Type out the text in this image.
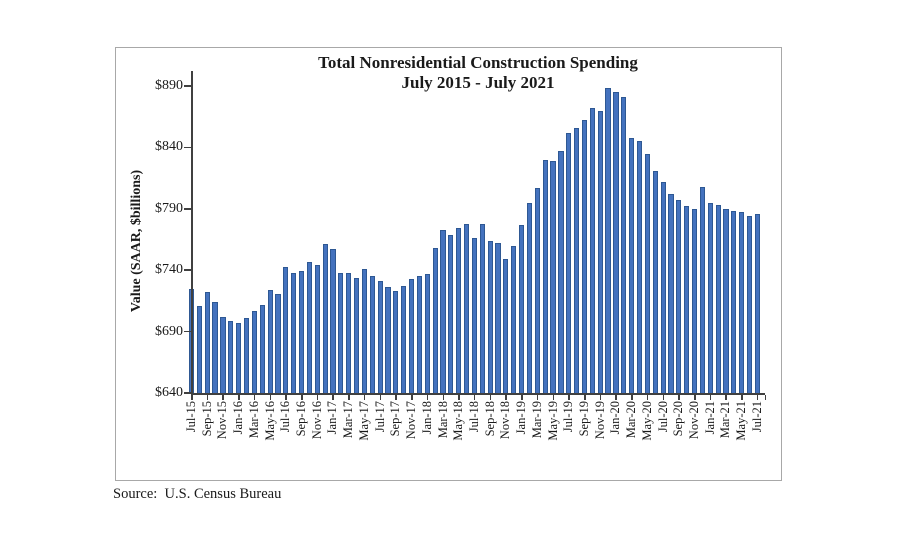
Total Nonresidential Construction Spending
July 2015 - July 2021
Value (SAAR, $billions)
$890
$840
$790
$740
$690
$640
Jul-15 Sep-15 Nov-15 Jan-16 Mar-16 May-16 Jul-16 Sep-16 Nov-16 Jan-17 Mar-17 May-17 Jul-17 Sep-17 Nov-17 Jan-18 Mar-18 May-18 Jul-18 Sep-18 Nov-18 Jan-19 Mar-19 May-19 Jul-19 Sep-19 Nov-19 Jan-20 Mar-20 May-20 Jul-20 Sep-20 Nov-20 Jan-21 Mar-21 May-21 Jul-21
Source:  U.S. Census Bureau
